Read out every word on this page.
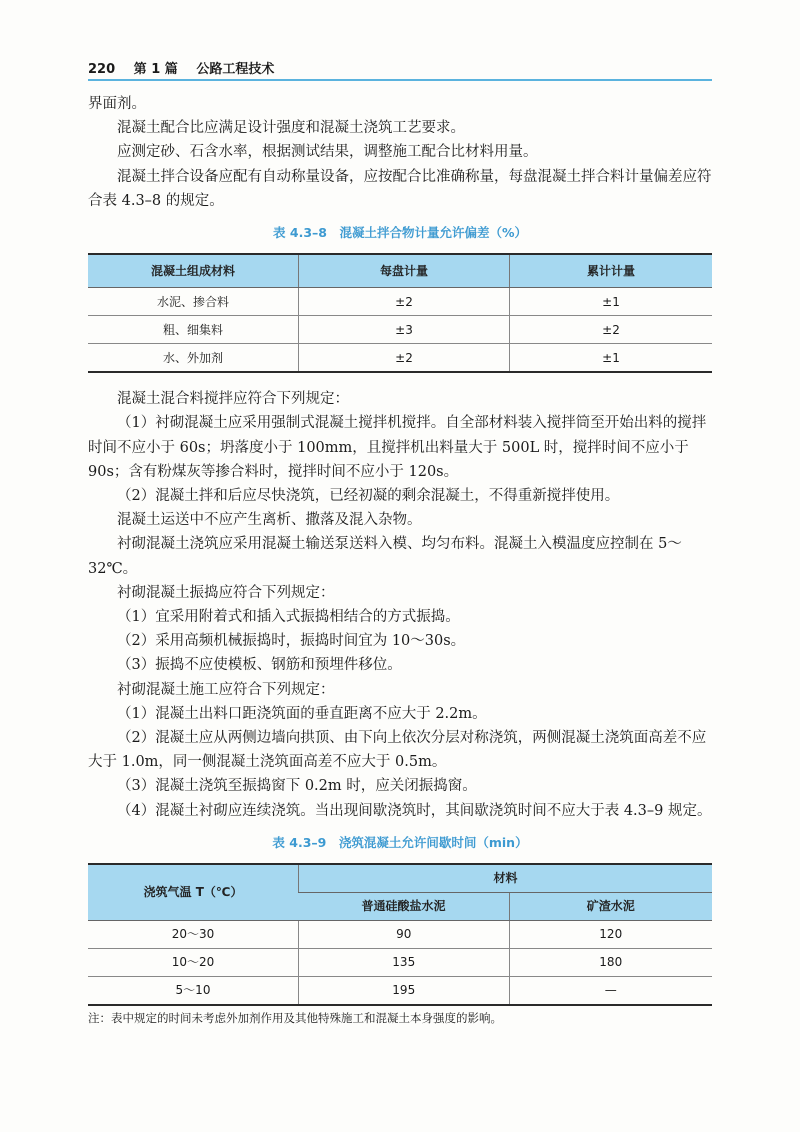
220 第 1 篇 公路工程技术

界面剂。

混凝土配合比应满足设计强度和混凝土浇筑工艺要求。

应测定砂、石含水率，根据测试结果，调整施工配合比材料用量。

混凝土拌合设备应配有自动称量设备，应按配合比准确称量，每盘混凝土拌合料计量偏差应符合表 4.3–8 的规定。

表 4.3–8　混凝土拌合物计量允许偏差（%）
混凝土组成材料	每盘计量	累计计量
水泥、掺合料	±2	±1
粗、细集料	±3	±2
水、外加剂	±2	±1

混凝土混合料搅拌应符合下列规定：

（1）衬砌混凝土应采用强制式混凝土搅拌机搅拌。自全部材料装入搅拌筒至开始出料的搅拌时间不应小于 60s；坍落度小于 100mm，且搅拌机出料量大于 500L 时，搅拌时间不应小于 90s；含有粉煤灰等掺合料时，搅拌时间不应小于 120s。

（2）混凝土拌和后应尽快浇筑，已经初凝的剩余混凝土，不得重新搅拌使用。

混凝土运送中不应产生离析、撒落及混入杂物。

衬砌混凝土浇筑应采用混凝土输送泵送料入模、均匀布料。混凝土入模温度应控制在 5～32℃。

衬砌混凝土振捣应符合下列规定：

（1）宜采用附着式和插入式振捣相结合的方式振捣。

（2）采用高频机械振捣时，振捣时间宜为 10～30s。

（3）振捣不应使模板、钢筋和预埋件移位。

衬砌混凝土施工应符合下列规定：

（1）混凝土出料口距浇筑面的垂直距离不应大于 2.2m。

（2）混凝土应从两侧边墙向拱顶、由下向上依次分层对称浇筑，两侧混凝土浇筑面高差不应大于 1.0m，同一侧混凝土浇筑面高差不应大于 0.5m。

（3）混凝土浇筑至振捣窗下 0.2m 时，应关闭振捣窗。

（4）混凝土衬砌应连续浇筑。当出现间歇浇筑时，其间歇浇筑时间不应大于表 4.3–9 规定。

表 4.3–9　浇筑混凝土允许间歇时间（min）
浇筑气温 T（℃）	材料	
	普通硅酸盐水泥	矿渣水泥
20～30	90	120
10～20	135	180
5～10	195	—

注：表中规定的时间未考虑外加剂作用及其他特殊施工和混凝土本身强度的影响。
